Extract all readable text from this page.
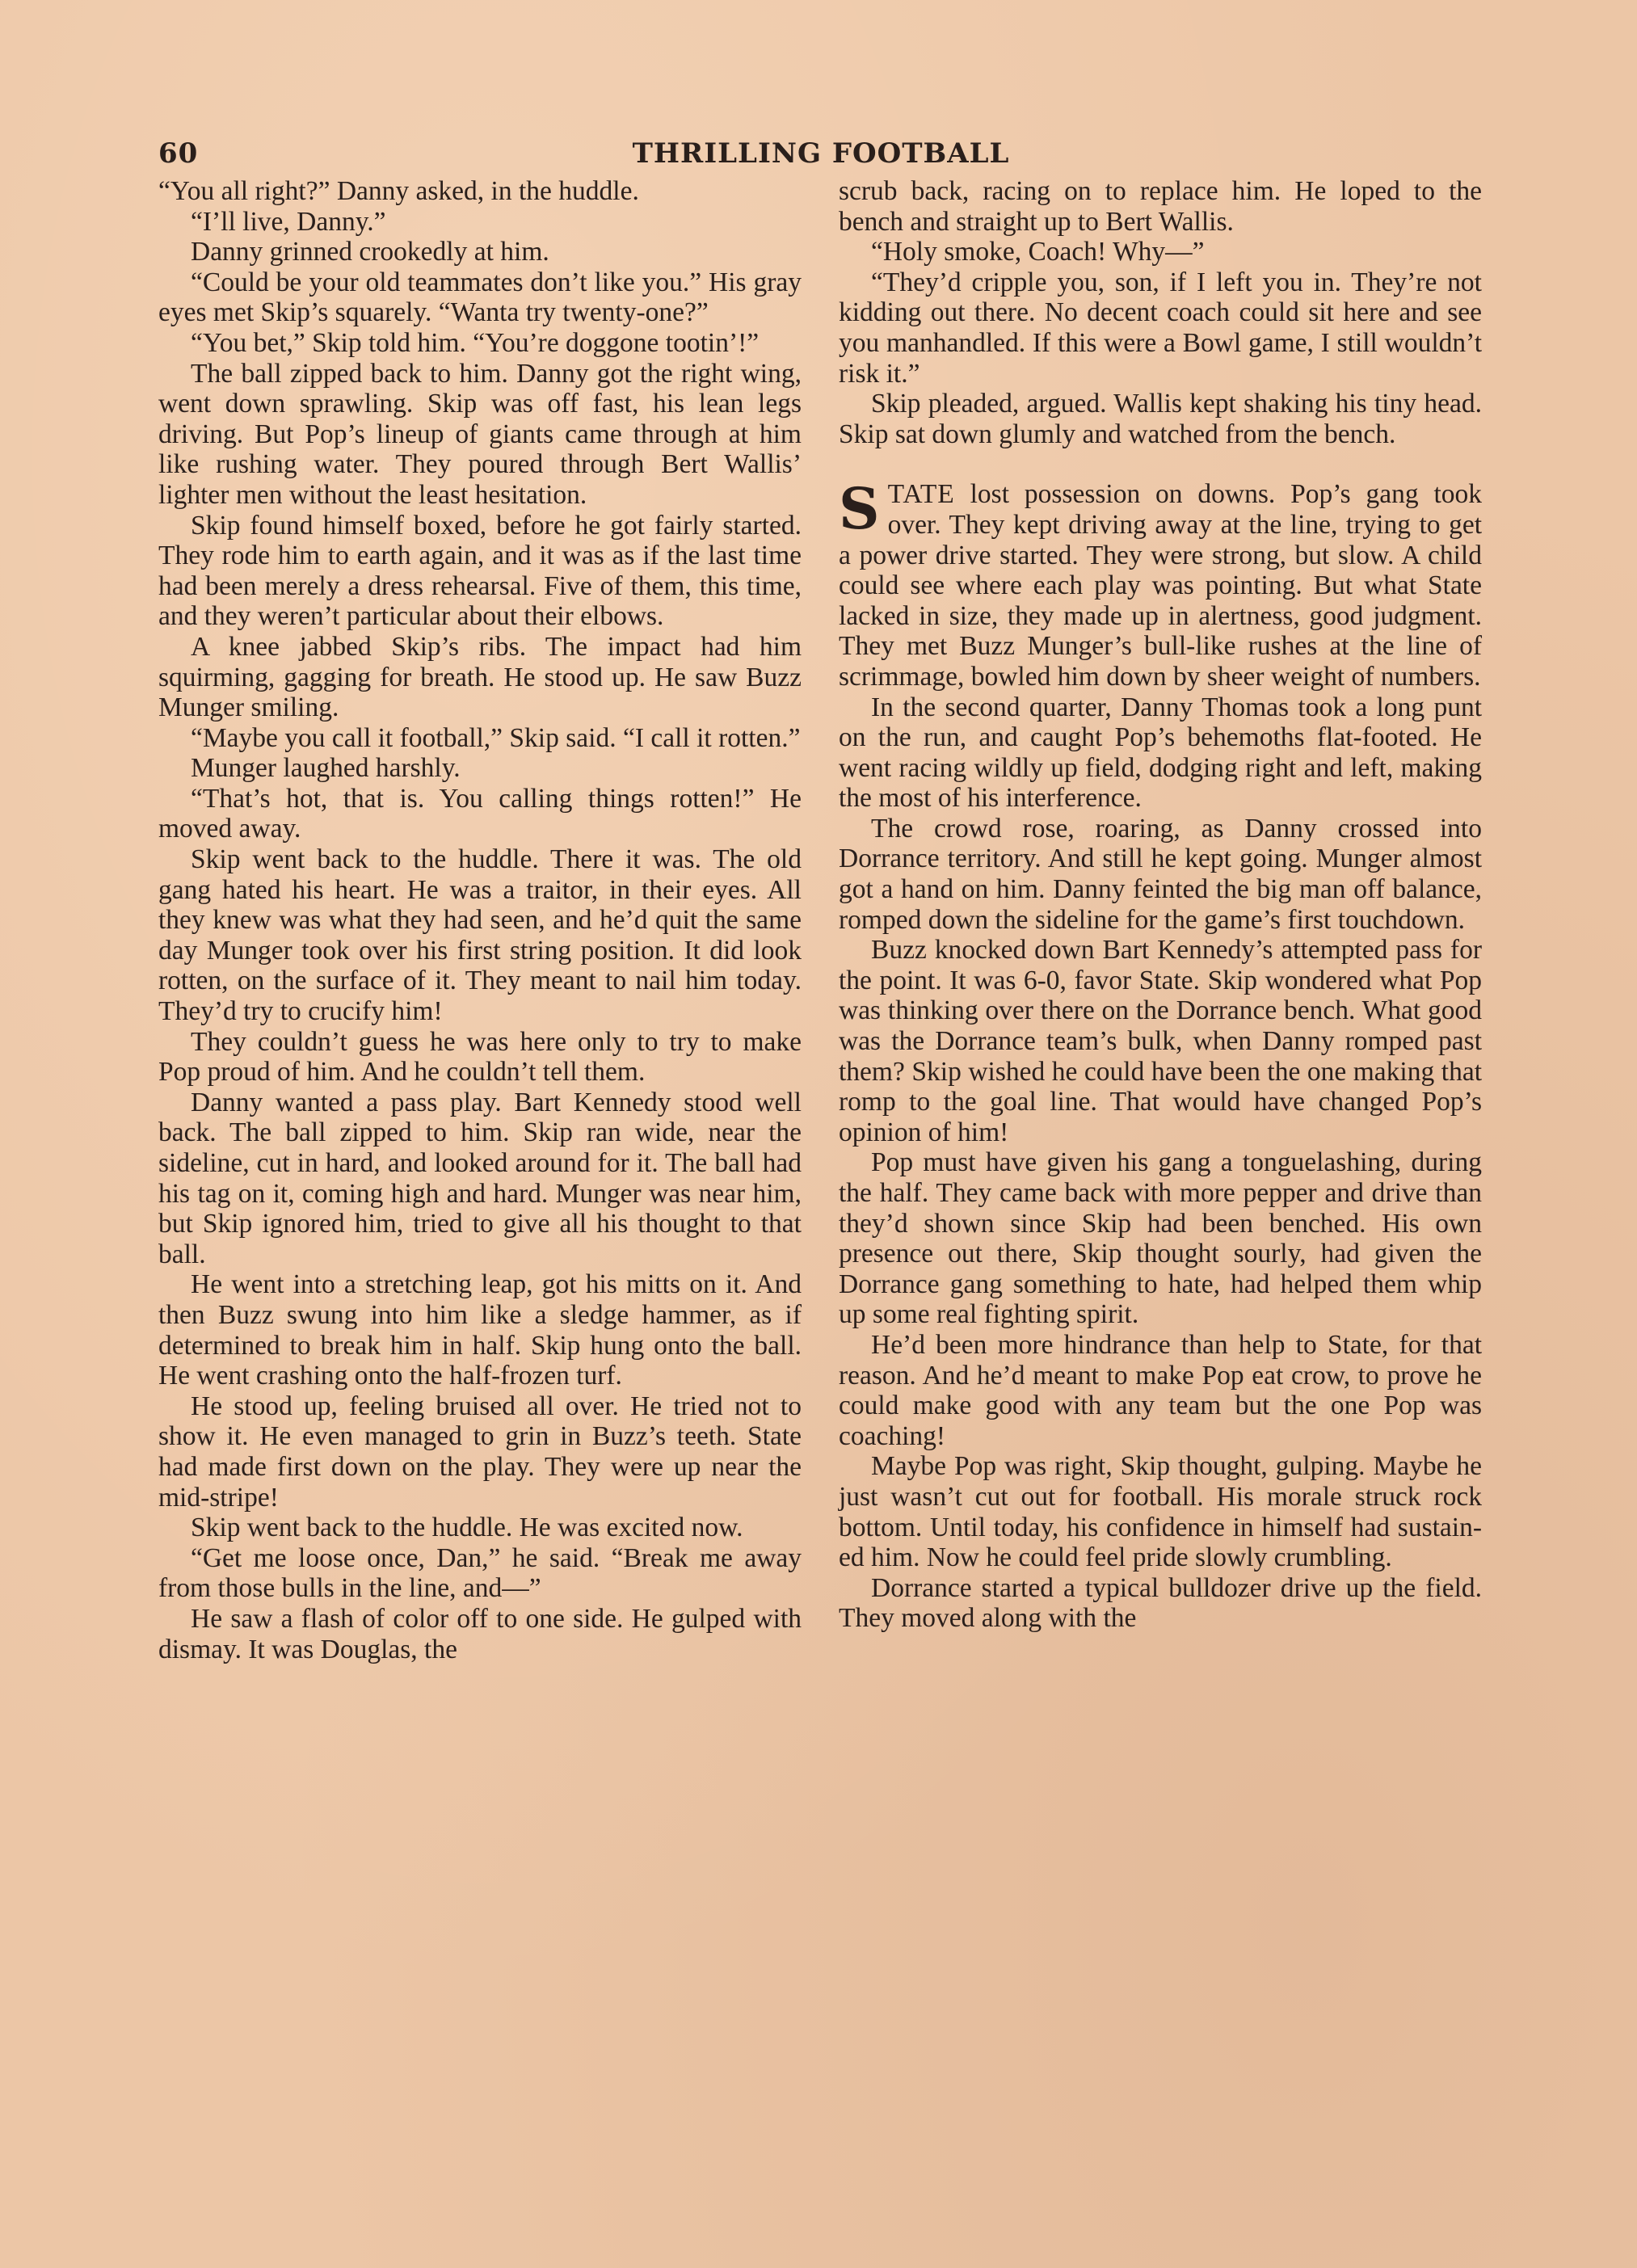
60	THRILLING FOOTBALL

“You all right?” Danny asked, in the huddle.

“I’ll live, Danny.”

Danny grinned crookedly at him.

“Could be your old teammates don’t like you.” His gray eyes met Skip’s squarely. “Wanta try twenty-one?”

“You bet,” Skip told him. “You’re doggone tootin’!”

The ball zipped back to him. Danny got the right wing, went down sprawling. Skip was off fast, his lean legs driving. But Pop’s lineup of giants came through at him like rushing water. They poured through Bert Wallis’ lighter men without the least hesitation.

Skip found himself boxed, before he got fairly started. They rode him to earth again, and it was as if the last time had been merely a dress rehearsal. Five of them, this time, and they weren’t particular about their elbows.

A knee jabbed Skip’s ribs. The impact had him squirming, gagging for breath. He stood up. He saw Buzz Munger smiling.

“Maybe you call it football,” Skip said. “I call it rotten.”

Munger laughed harshly.

“That’s hot, that is. You calling things rotten!” He moved away.

Skip went back to the huddle. There it was. The old gang hated his heart. He was a traitor, in their eyes. All they knew was what they had seen, and he’d quit the same day Munger took over his first string position. It did look rotten, on the surface of it. They meant to nail him today. They’d try to crucify him!

They couldn’t guess he was here only to try to make Pop proud of him. And he couldn’t tell them.

Danny wanted a pass play. Bart Kennedy stood well back. The ball zipped to him. Skip ran wide, near the sideline, cut in hard, and looked around for it. The ball had his tag on it, coming high and hard. Munger was near him, but Skip ignored him, tried to give all his thought to that ball.

He went into a stretching leap, got his mitts on it. And then Buzz swung into him like a sledge hammer, as if determined to break him in half. Skip hung onto the ball. He went crashing onto the half-frozen turf.

He stood up, feeling bruised all over. He tried not to show it. He even managed to grin in Buzz’s teeth. State had made first down on the play. They were up near the mid-stripe!

Skip went back to the huddle. He was excited now.

“Get me loose once, Dan,” he said. “Break me away from those bulls in the line, and—”

He saw a flash of color off to one side. He gulped with dismay. It was Douglas, the

scrub back, racing on to replace him. He loped to the bench and straight up to Bert Wallis.

“Holy smoke, Coach! Why—”

“They’d cripple you, son, if I left you in. They’re not kidding out there. No decent coach could sit here and see you manhandled. If this were a Bowl game, I still wouldn’t risk it.”

Skip pleaded, argued. Wallis kept shaking his tiny head. Skip sat down glumly and watched from the bench.

STATE lost possession on downs. Pop’s gang took over. They kept driving away at the line, trying to get a power drive started. They were strong, but slow. A child could see where each play was pointing. But what State lacked in size, they made up in alertness, good judgment. They met Buzz Munger’s bull-like rushes at the line of scrimmage, bowled him down by sheer weight of numbers.

In the second quarter, Danny Thomas took a long punt on the run, and caught Pop’s behemoths flat-footed. He went racing wildly up field, dodging right and left, making the most of his interference.

The crowd rose, roaring, as Danny crossed into Dorrance territory. And still he kept going. Munger almost got a hand on him. Danny feinted the big man off balance, romped down the sideline for the game’s first touchdown.

Buzz knocked down Bart Kennedy’s attempted pass for the point. It was 6-0, favor State. Skip wondered what Pop was thinking over there on the Dorrance bench. What good was the Dorrance team’s bulk, when Danny romped past them? Skip wished he could have been the one making that romp to the goal line. That would have changed Pop’s opinion of him!

Pop must have given his gang a tonguelashing, during the half. They came back with more pepper and drive than they’d shown since Skip had been benched. His own presence out there, Skip thought sourly, had given the Dorrance gang something to hate, had helped them whip up some real fighting spirit.

He’d been more hindrance than help to State, for that reason. And he’d meant to make Pop eat crow, to prove he could make good with any team but the one Pop was coaching!

Maybe Pop was right, Skip thought, gulping. Maybe he just wasn’t cut out for football. His morale struck rock bottom. Until today, his confidence in himself had sustained him. Now he could feel pride slowly crumbling.

Dorrance started a typical bulldozer drive up the field. They moved along with the
